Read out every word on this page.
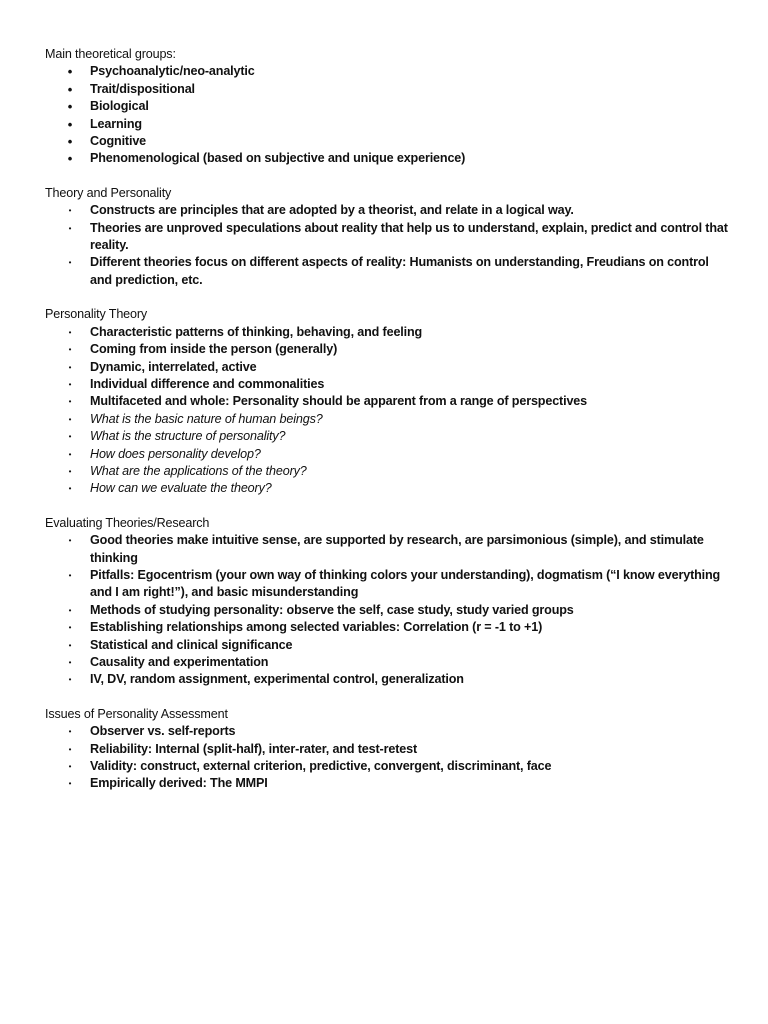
Main theoretical groups:

•	Psychoanalytic/neo-analytic
•	Trait/dispositional
•	Biological
•	Learning
•	Cognitive
•	Phenomenological (based on subjective and unique experience)

Theory and Personality

•	Constructs are principles that are adopted by a theorist, and relate in a logical way.
•	Theories are unproved speculations about reality that help us to understand, explain, predict and control that reality.
•	Different theories focus on different aspects of reality: Humanists on understanding, Freudians on control and prediction, etc.

Personality Theory

•	Characteristic patterns of thinking, behaving, and feeling
•	Coming from inside the person (generally)
•	Dynamic, interrelated, active
•	Individual difference and commonalities
•	Multifaceted and whole: Personality should be apparent from a range of perspectives
•	What is the basic nature of human beings?
•	What is the structure of personality?
•	How does personality develop?
•	What are the applications of the theory?
•	How can we evaluate the theory?

Evaluating Theories/Research

•	Good theories make intuitive sense, are supported by research, are parsimonious (simple), and stimulate thinking
•	Pitfalls: Egocentrism (your own way of thinking colors your understanding), dogmatism (“I know everything and I am right!”), and basic misunderstanding
•	Methods of studying personality: observe the self, case study, study varied groups
•	Establishing relationships among selected variables: Correlation (r = -1 to +1)
•	Statistical and clinical significance
•	Causality and experimentation
•	IV, DV, random assignment, experimental control, generalization

Issues of Personality Assessment

•	Observer vs. self-reports
•	Reliability: Internal (split-half), inter-rater, and test-retest
•	Validity: construct, external criterion, predictive, convergent, discriminant, face
•	Empirically derived: The MMPI
